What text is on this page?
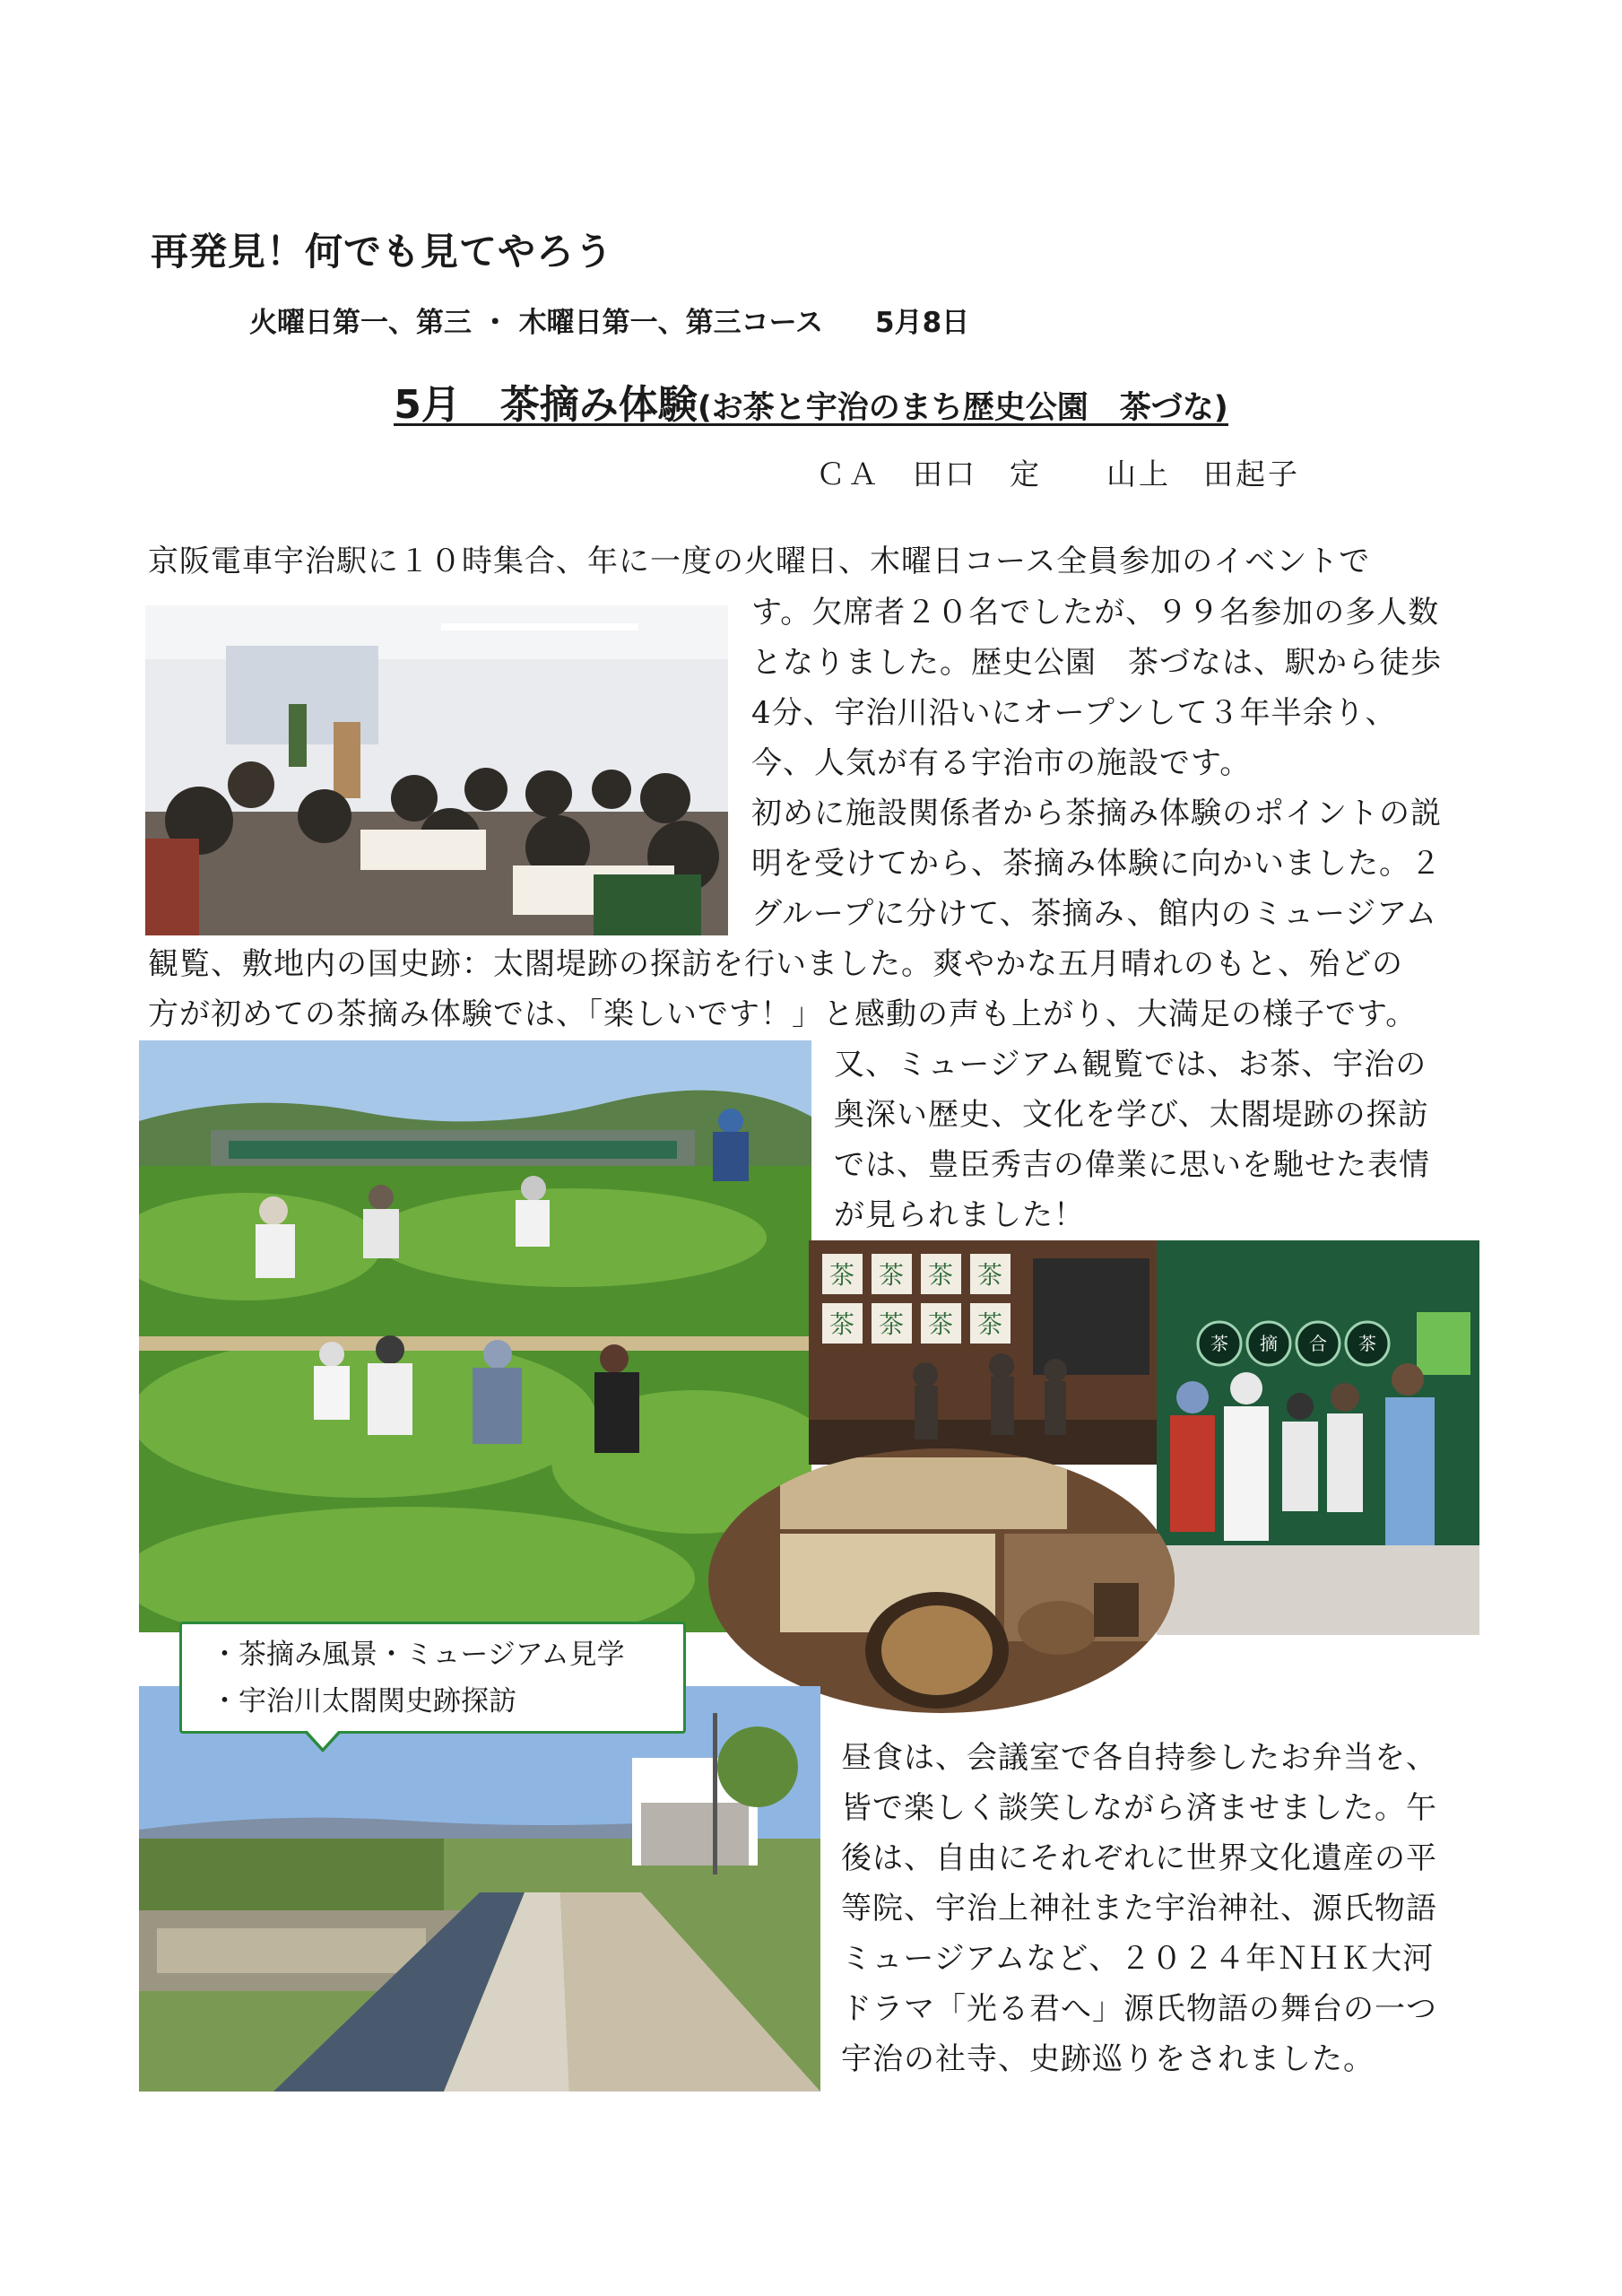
再発見！何でも見てやろう
火曜日第一、第三 ・ 木曜日第一、第三コース 5月8日
5月　 茶摘み体験(お茶と宇治のまち歴史公園　茶づな)
ＣＡ　田口　定　　山上　田起子
京阪電車宇治駅に１０時集合、年に一度の火曜日、木曜日コース全員参加のイベントで
す。欠席者２０名でしたが、９９名参加の多人数
となりました。歴史公園　茶づなは、駅から徒歩
4分、宇治川沿いにオープンして３年半余り、
今、人気が有る宇治市の施設です。
初めに施設関係者から茶摘み体験のポイントの説
明を受けてから、茶摘み体験に向かいました。２
グループに分けて、茶摘み、館内のミュージアム
観覧、敷地内の国史跡：太閤堤跡の探訪を行いました。爽やかな五月晴れのもと、殆どの
方が初めての茶摘み体験では、「楽しいです！」と感動の声も上がり、大満足の様子です。
又、ミュージアム観覧では、お茶、宇治の
奥深い歴史、文化を学び、太閤堤跡の探訪
では、豊臣秀吉の偉業に思いを馳せた表情
が見られました！
昼食は、会議室で各自持参したお弁当を、
皆で楽しく談笑しながら済ませました。午
後は、自由にそれぞれに世界文化遺産の平
等院、宇治上神社また宇治神社、源氏物語
ミュージアムなど、２０２４年ＮＨＫ大河
ドラマ「光る君へ」源氏物語の舞台の一つ
宇治の社寺、史跡巡りをされました。
茶 茶 茶 茶
茶 茶 茶 茶
茶 摘 合 茶
・茶摘み風景・ミュージアム見学
・宇治川太閤関史跡探訪
